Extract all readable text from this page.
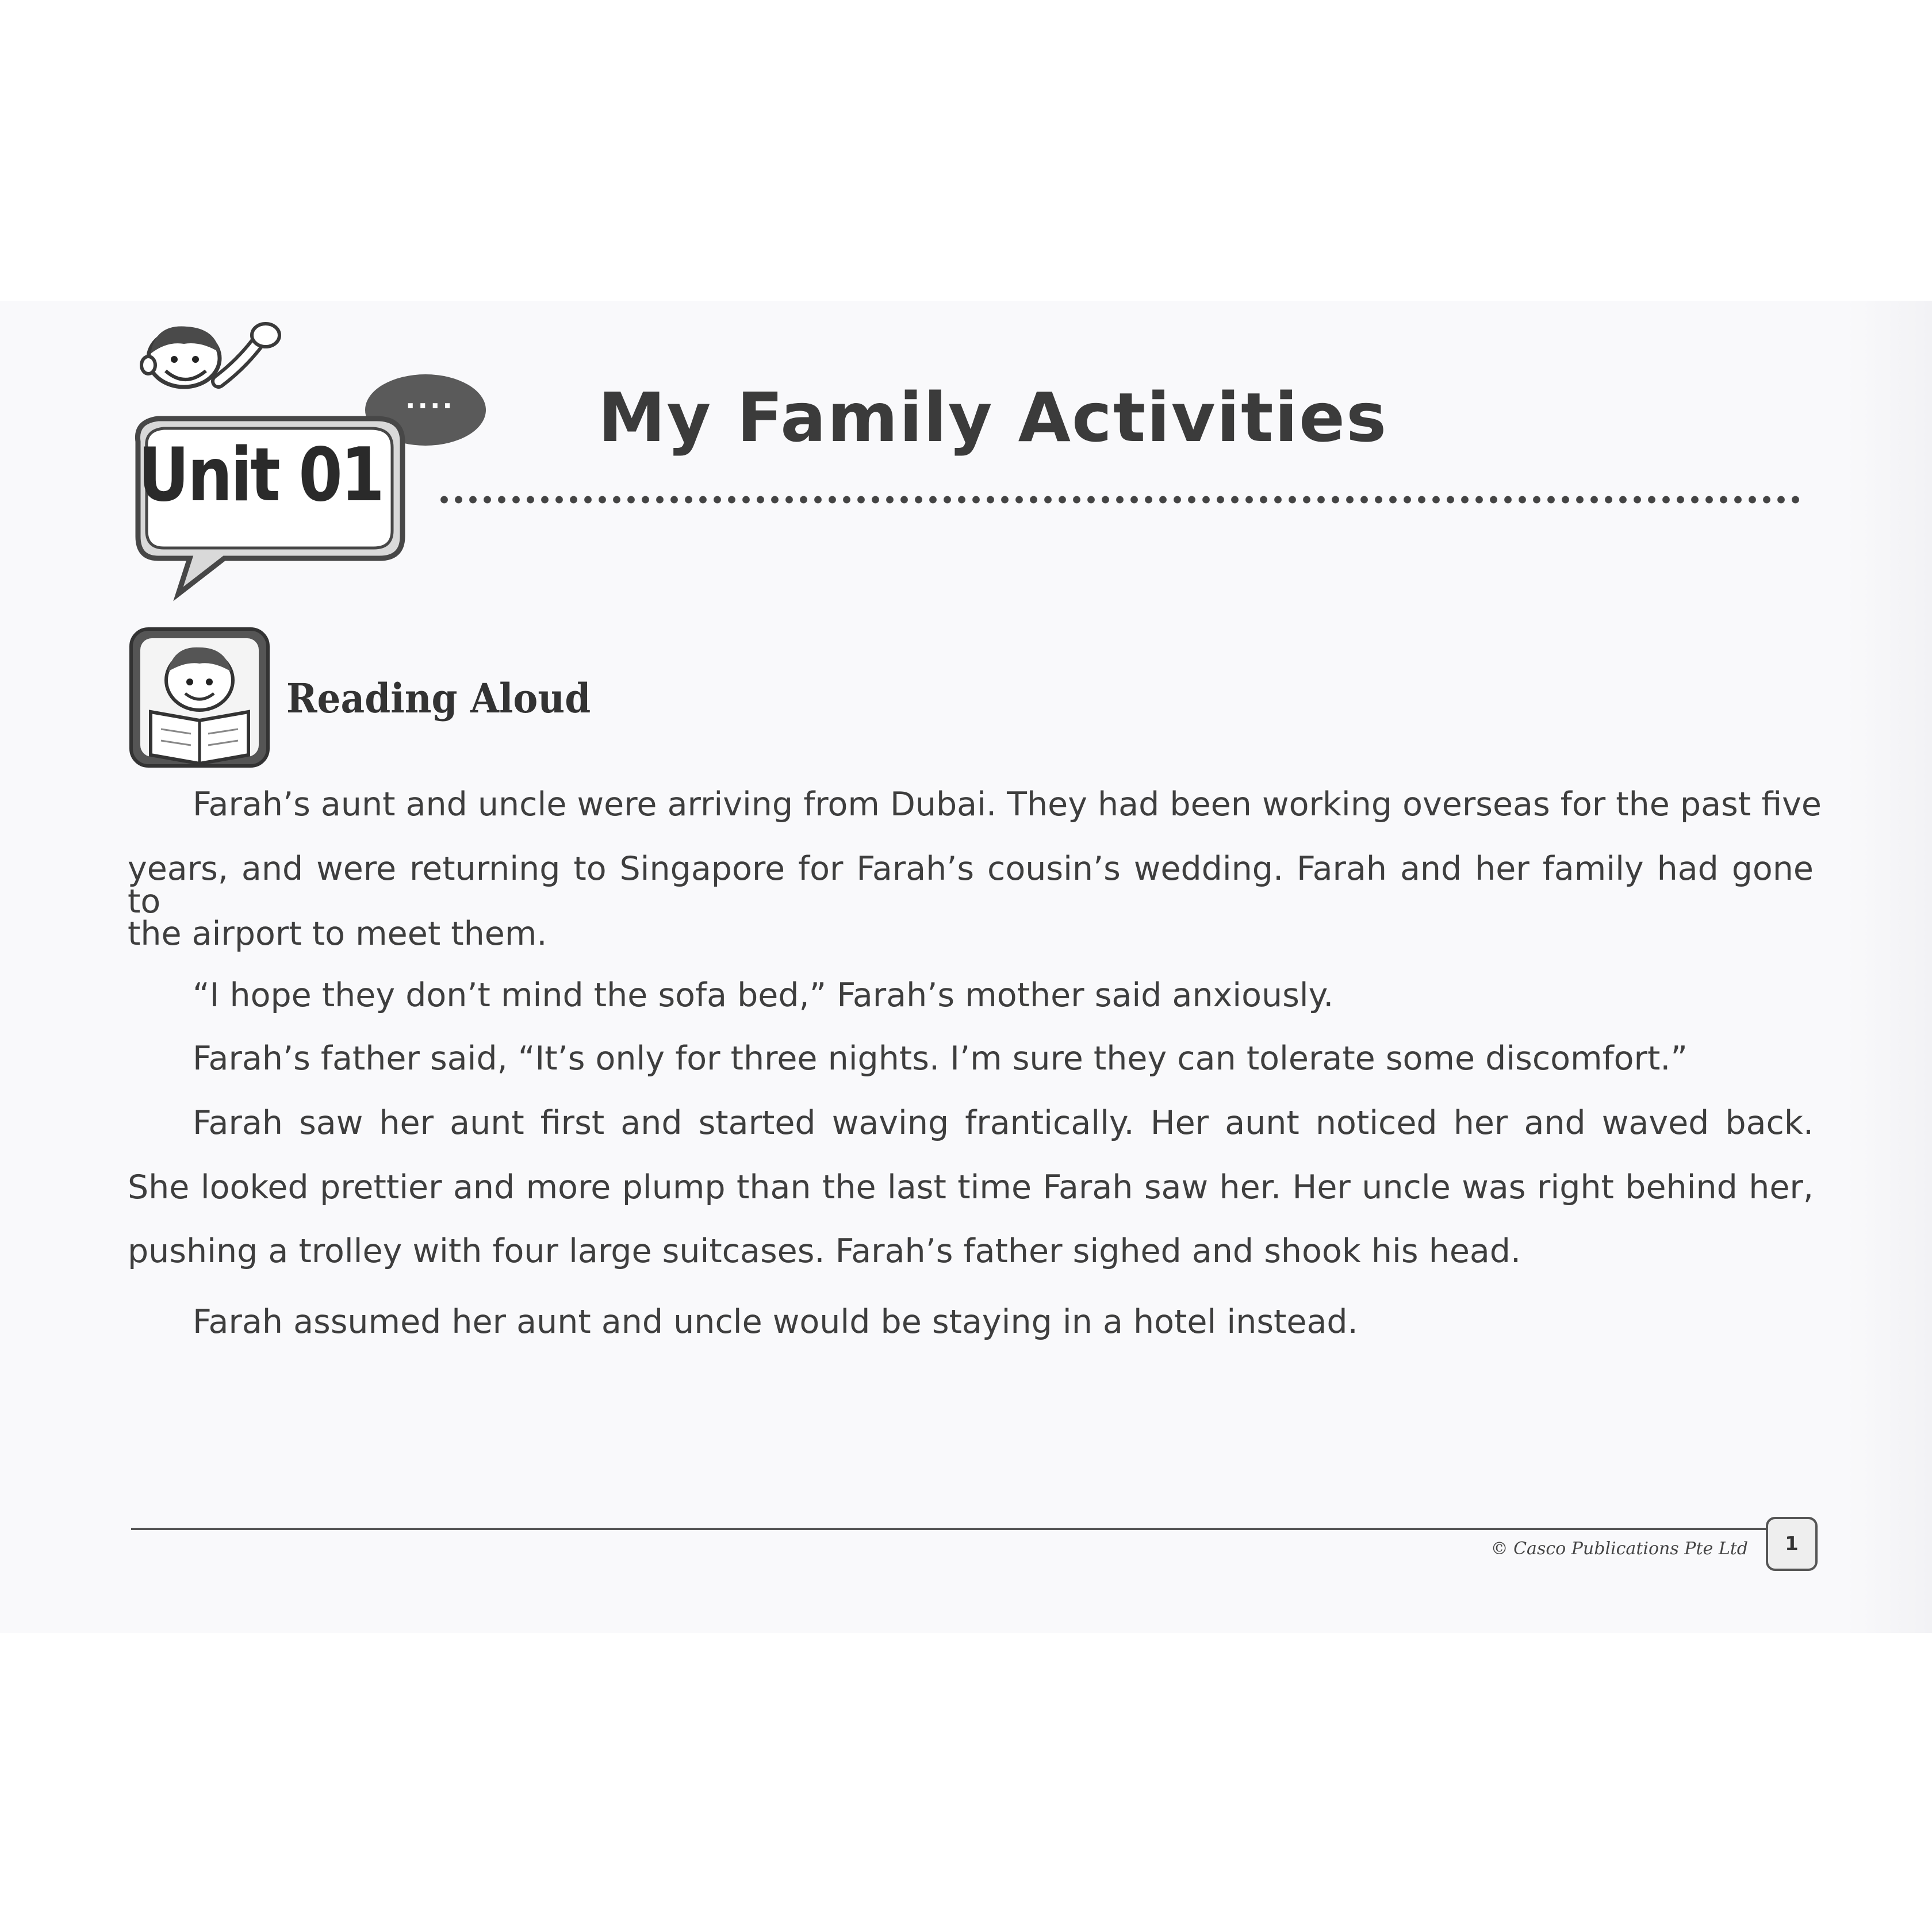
Unit 01
.... My Family Activities
Reading Aloud
Farah’s aunt and uncle were arriving from Dubai. They had been working overseas for the past five
years, and were returning to Singapore for Farah’s cousin’s wedding. Farah and her family had gone to
the airport to meet them.
“I hope they don’t mind the sofa bed,” Farah’s mother said anxiously.
Farah’s father said, “It’s only for three nights. I’m sure they can tolerate some discomfort.”
Farah saw her aunt first and started waving frantically. Her aunt noticed her and waved back.
She looked prettier and more plump than the last time Farah saw her. Her uncle was right behind her,
pushing a trolley with four large suitcases. Farah’s father sighed and shook his head.
Farah assumed her aunt and uncle would be staying in a hotel instead.
© Casco Publications Pte Ltd 1
